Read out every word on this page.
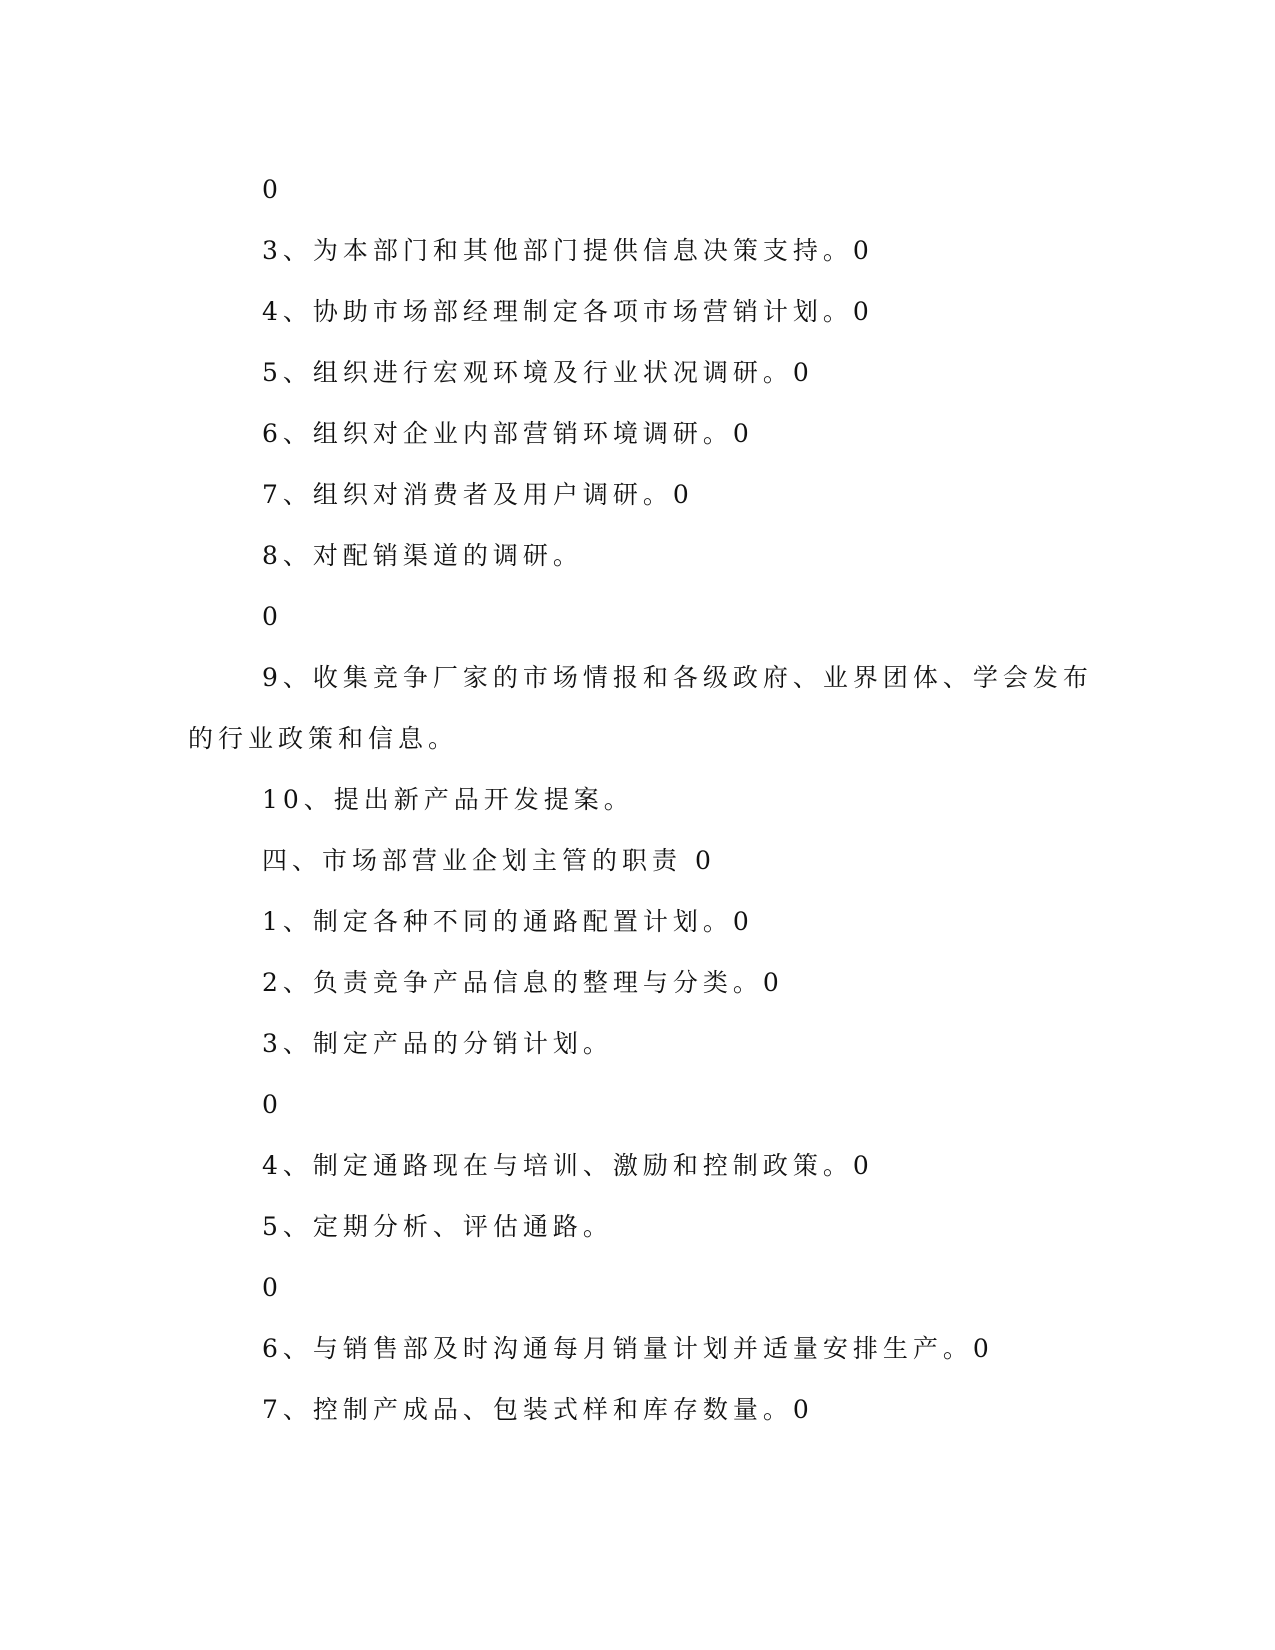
0
3、为本部门和其他部门提供信息决策支持。0
4、协助市场部经理制定各项市场营销计划。0
5、组织进行宏观环境及行业状况调研。0
6、组织对企业内部营销环境调研。0
7、组织对消费者及用户调研。0
8、对配销渠道的调研。
0
9、收集竞争厂家的市场情报和各级政府、业界团体、学会发布
的行业政策和信息。
10、提出新产品开发提案。
四、市场部营业企划主管的职责 0
1、制定各种不同的通路配置计划。0
2、负责竞争产品信息的整理与分类。0
3、制定产品的分销计划。
0
4、制定通路现在与培训、激励和控制政策。0
5、定期分析、评估通路。
0
6、与销售部及时沟通每月销量计划并适量安排生产。0
7、控制产成品、包装式样和库存数量。0
